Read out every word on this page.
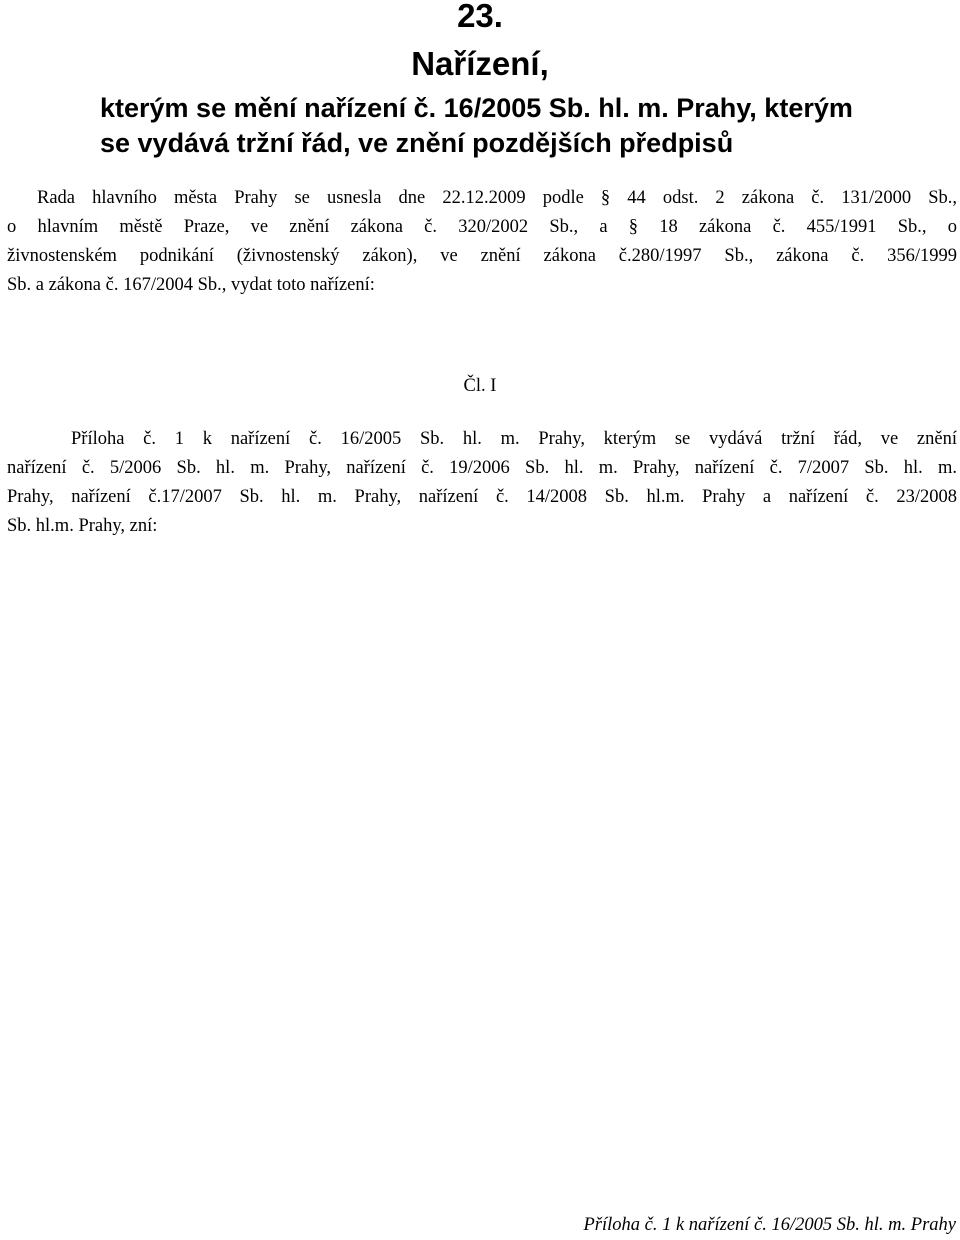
23.
Nařízení,
kterým se mění nařízení č. 16/2005 Sb. hl. m. Prahy, kterým
se vydává tržní řád, ve znění pozdějších předpisů
Rada hlavního města Prahy se usnesla dne 22.12.2009 podle § 44 odst. 2 zákona č. 131/2000 Sb.,
o hlavním městě Praze, ve znění zákona č. 320/2002 Sb., a § 18 zákona č. 455/1991 Sb., o
živnostenském podnikání (živnostenský zákon), ve znění zákona č.280/1997 Sb., zákona č. 356/1999
Sb. a zákona č. 167/2004 Sb., vydat toto nařízení:
Čl. I
Příloha č. 1 k nařízení č. 16/2005 Sb. hl. m. Prahy, kterým se vydává tržní řád, ve znění
nařízení č. 5/2006 Sb. hl. m. Prahy, nařízení č. 19/2006 Sb. hl. m. Prahy, nařízení č. 7/2007 Sb. hl. m.
Prahy, nařízení č.17/2007 Sb. hl. m. Prahy, nařízení č. 14/2008 Sb. hl.m. Prahy a nařízení č. 23/2008
Sb. hl.m. Prahy, zní:
Příloha č. 1 k nařízení č. 16/2005 Sb. hl. m. Prahy
